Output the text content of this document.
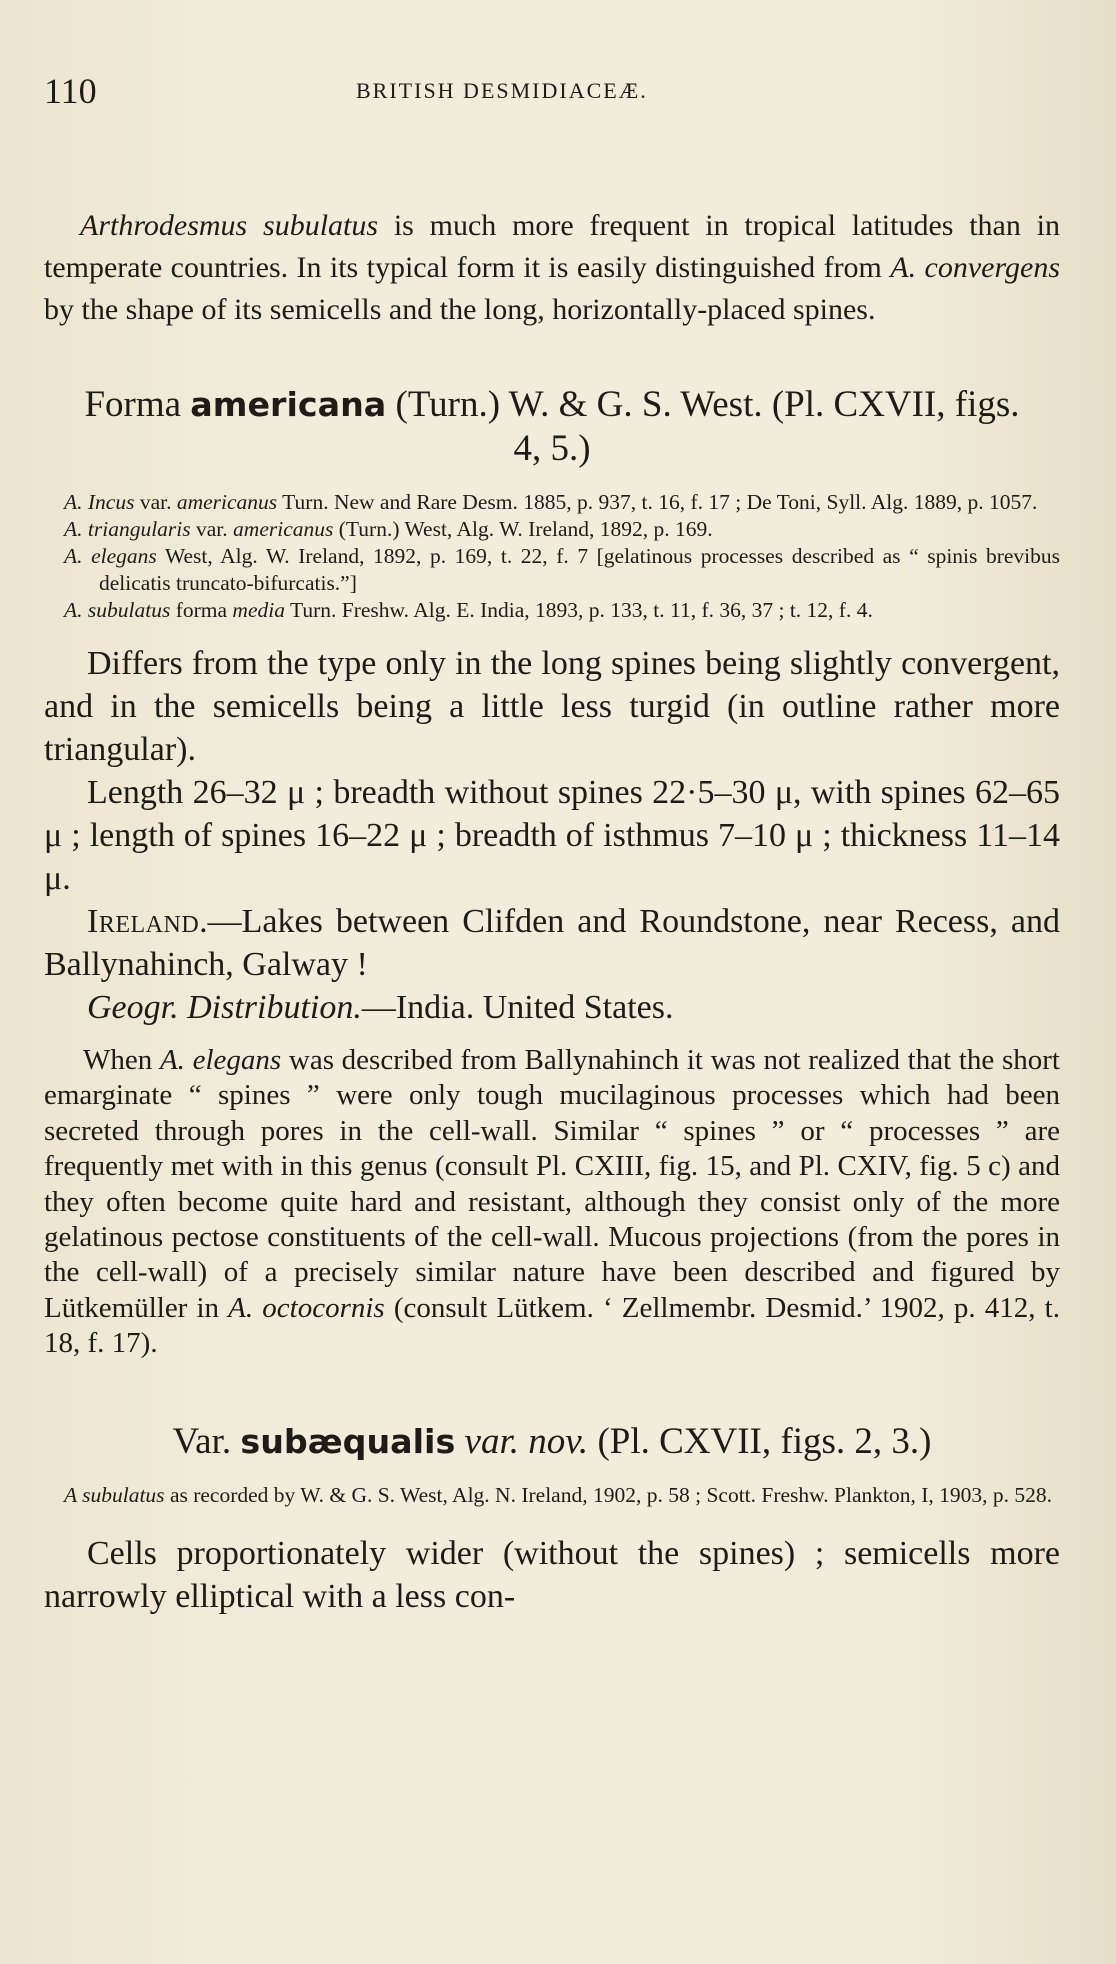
110	BRITISH DESMIDIACEÆ.

Arthrodesmus subulatus is much more frequent in tropical latitudes than in temperate countries. In its typical form it is easily distinguished from A. convergens by the shape of its semicells and the long, horizontally-placed spines.

Forma americana (Turn.) W. & G. S. West. (Pl. CXVII, figs. 4, 5.)

A. Incus var. americanus Turn. New and Rare Desm. 1885, p. 937, t. 16, f. 17 ; De Toni, Syll. Alg. 1889, p. 1057.

A. triangularis var. americanus (Turn.) West, Alg. W. Ireland, 1892, p. 169.

A. elegans West, Alg. W. Ireland, 1892, p. 169, t. 22, f. 7 [gelatinous processes described as “ spinis brevibus delicatis truncato-bifurcatis.”]

A. subulatus forma media Turn. Freshw. Alg. E. India, 1893, p. 133, t. 11, f. 36, 37 ; t. 12, f. 4.

Differs from the type only in the long spines being slightly convergent, and in the semicells being a little less turgid (in outline rather more triangular).

Length 26–32 μ ; breadth without spines 22·5–30 μ, with spines 62–65 μ ; length of spines 16–22 μ ; breadth of isthmus 7–10 μ ; thickness 11–14 μ.

Ireland.—Lakes between Clifden and Roundstone, near Recess, and Ballynahinch, Galway !

Geogr. Distribution.—India. United States.

When A. elegans was described from Ballynahinch it was not realized that the short emarginate “ spines ” were only tough mucilaginous processes which had been secreted through pores in the cell-wall. Similar “ spines ” or “ processes ” are frequently met with in this genus (consult Pl. CXIII, fig. 15, and Pl. CXIV, fig. 5 c) and they often become quite hard and resistant, although they consist only of the more gelatinous pectose constituents of the cell-wall. Mucous projections (from the pores in the cell-wall) of a precisely similar nature have been described and figured by Lütkemüller in A. octocornis (consult Lütkem. ‘ Zellmembr. Desmid.’ 1902, p. 412, t. 18, f. 17).

Var. subæqualis var. nov. (Pl. CXVII, figs. 2, 3.)

A subulatus as recorded by W. & G. S. West, Alg. N. Ireland, 1902, p. 58 ; Scott. Freshw. Plankton, I, 1903, p. 528.

Cells proportionately wider (without the spines) ; semicells more narrowly elliptical with a less con-
